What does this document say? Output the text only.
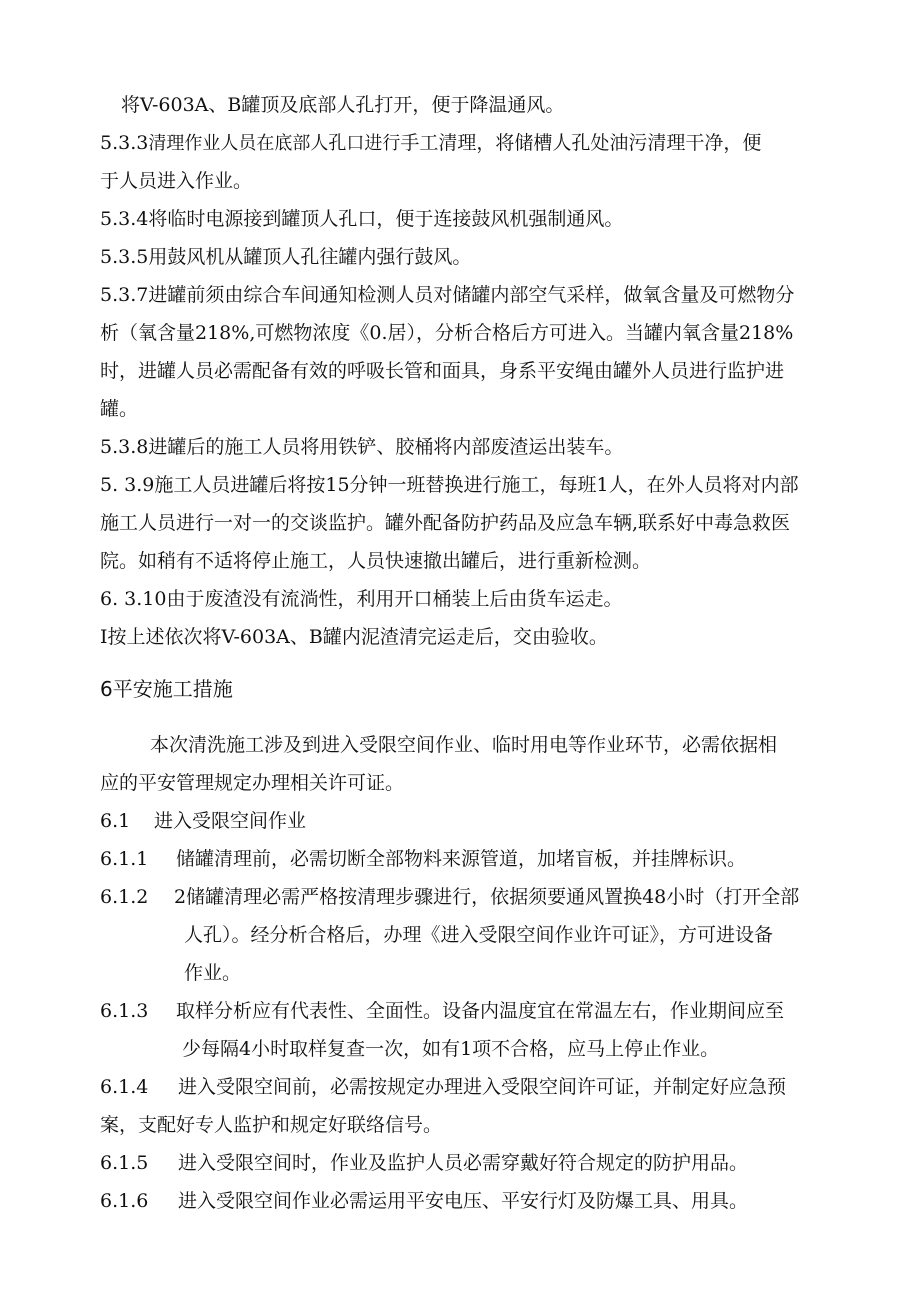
将V-603A、B罐顶及底部人孔打开，便于降温通风。
5.3.3清理作业人员在底部人孔口进行手工清理，将储槽人孔处油污清理干净，便
于人员进入作业。
5.3.4将临时电源接到罐顶人孔口，便于连接鼓风机强制通风。
5.3.5用鼓风机从罐顶人孔往罐内强行鼓风。
5.3.7进罐前须由综合车间通知检测人员对储罐内部空气采样，做氧含量及可燃物分
析（氧含量218%,可燃物浓度《0.居），分析合格后方可进入。当罐内氧含量218%
时，进罐人员必需配备有效的呼吸长管和面具，身系平安绳由罐外人员进行监护进
罐。
5.3.8进罐后的施工人员将用铁铲、胶桶将内部废渣运出装车。
5. 3.9施工人员进罐后将按15分钟一班替换进行施工，每班1人，在外人员将对内部
施工人员进行一对一的交谈监护。罐外配备防护药品及应急车辆,联系好中毒急救医
院。如稍有不适将停止施工，人员快速撤出罐后，进行重新检测。
6. 3.10由于废渣没有流淌性，利用开口桶装上后由货车运走。
I按上述依次将V-603A、B罐内泥渣清完运走后，交由验收。
6平安施工措施
本次清洗施工涉及到进入受限空间作业、临时用电等作业环节，必需依据相
应的平安管理规定办理相关许可证。
6.1 进入受限空间作业
6.1.1 储罐清理前，必需切断全部物料来源管道，加堵盲板，并挂牌标识。
6.1.2 2储罐清理必需严格按清理步骤进行，依据须要通风置换48小时（打开全部
人孔）。经分析合格后，办理《进入受限空间作业许可证》，方可进设备
作业。
6.1.3 取样分析应有代表性、全面性。设备内温度宜在常温左右，作业期间应至
少每隔4小时取样复查一次，如有1项不合格，应马上停止作业。
6.1.4 进入受限空间前，必需按规定办理进入受限空间许可证，并制定好应急预
案，支配好专人监护和规定好联络信号。
6.1.5 进入受限空间时，作业及监护人员必需穿戴好符合规定的防护用品。
6.1.6 进入受限空间作业必需运用平安电压、平安行灯及防爆工具、用具。
